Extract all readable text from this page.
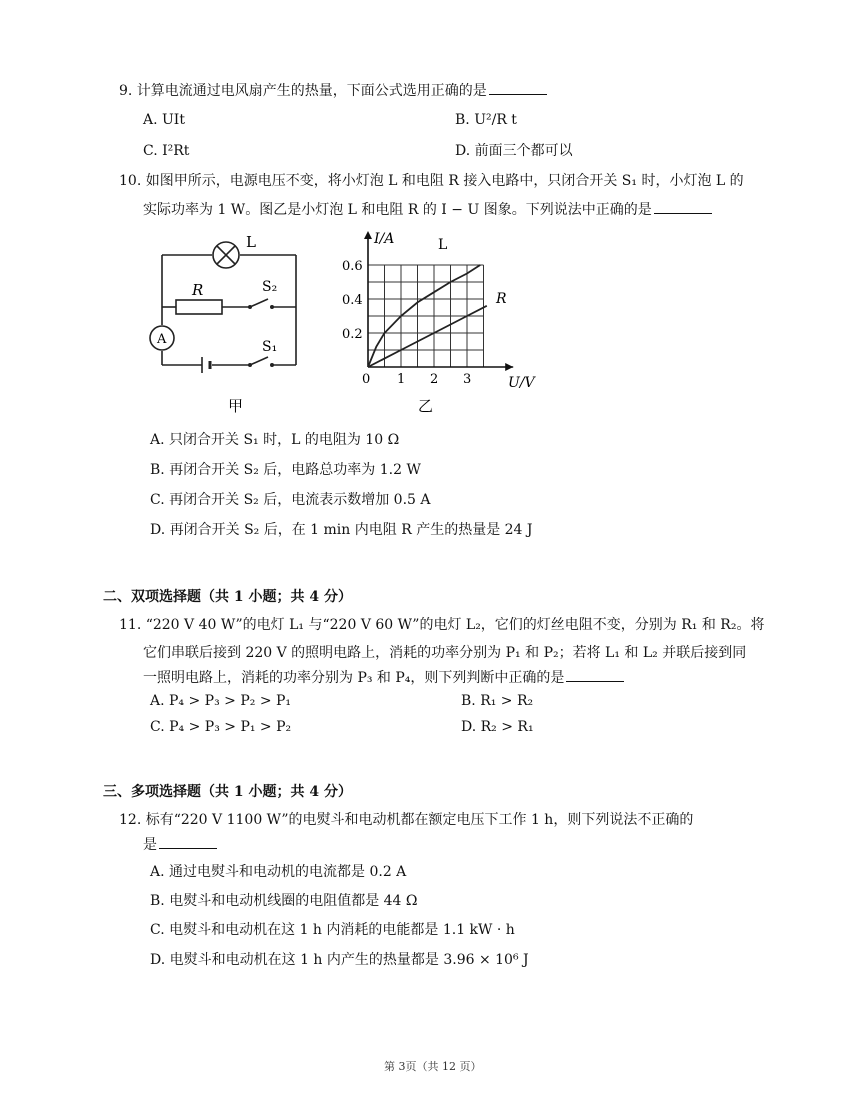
9. 计算电流通过电风扇产生的热量，下面公式选用正确的是
A. UIt	B. U²/R t
C. I²Rt	D. 前面三个都可以
10. 如图甲所示，电源电压不变，将小灯泡 L 和电阻 R 接入电路中，只闭合开关 S₁ 时，小灯泡 L 的
实际功率为 1 W。图乙是小灯泡 L 和电阻 R 的 I − U 图象。下列说法中正确的是
L
R	S₂
A	S₁
甲
0 1 2 3
0.2
0.4
0.6
I/A
U/V
L
R
乙
A. 只闭合开关 S₁ 时，L 的电阻为 10 Ω
B. 再闭合开关 S₂ 后，电路总功率为 1.2 W
C. 再闭合开关 S₂ 后，电流表示数增加 0.5 A
D. 再闭合开关 S₂ 后，在 1 min 内电阻 R 产生的热量是 24 J
二、双项选择题（共 1 小题；共 4 分）
11. “220 V 40 W”的电灯 L₁ 与“220 V 60 W”的电灯 L₂，它们的灯丝电阻不变，分别为 R₁ 和 R₂。将
它们串联后接到 220 V 的照明电路上，消耗的功率分别为 P₁ 和 P₂；若将 L₁ 和 L₂ 并联后接到同
一照明电路上，消耗的功率分别为 P₃ 和 P₄，则下列判断中正确的是
A. P₄ > P₃ > P₂ > P₁	B. R₁ > R₂
C. P₄ > P₃ > P₁ > P₂	D. R₂ > R₁
三、多项选择题（共 1 小题；共 4 分）
12. 标有“220 V 1100 W”的电熨斗和电动机都在额定电压下工作 1 h，则下列说法不正确的
是
A. 通过电熨斗和电动机的电流都是 0.2 A
B. 电熨斗和电动机线圈的电阻值都是 44 Ω
C. 电熨斗和电动机在这 1 h 内消耗的电能都是 1.1 kW · h
D. 电熨斗和电动机在这 1 h 内产生的热量都是 3.96 × 10⁶ J
第 3页（共 12 页）
